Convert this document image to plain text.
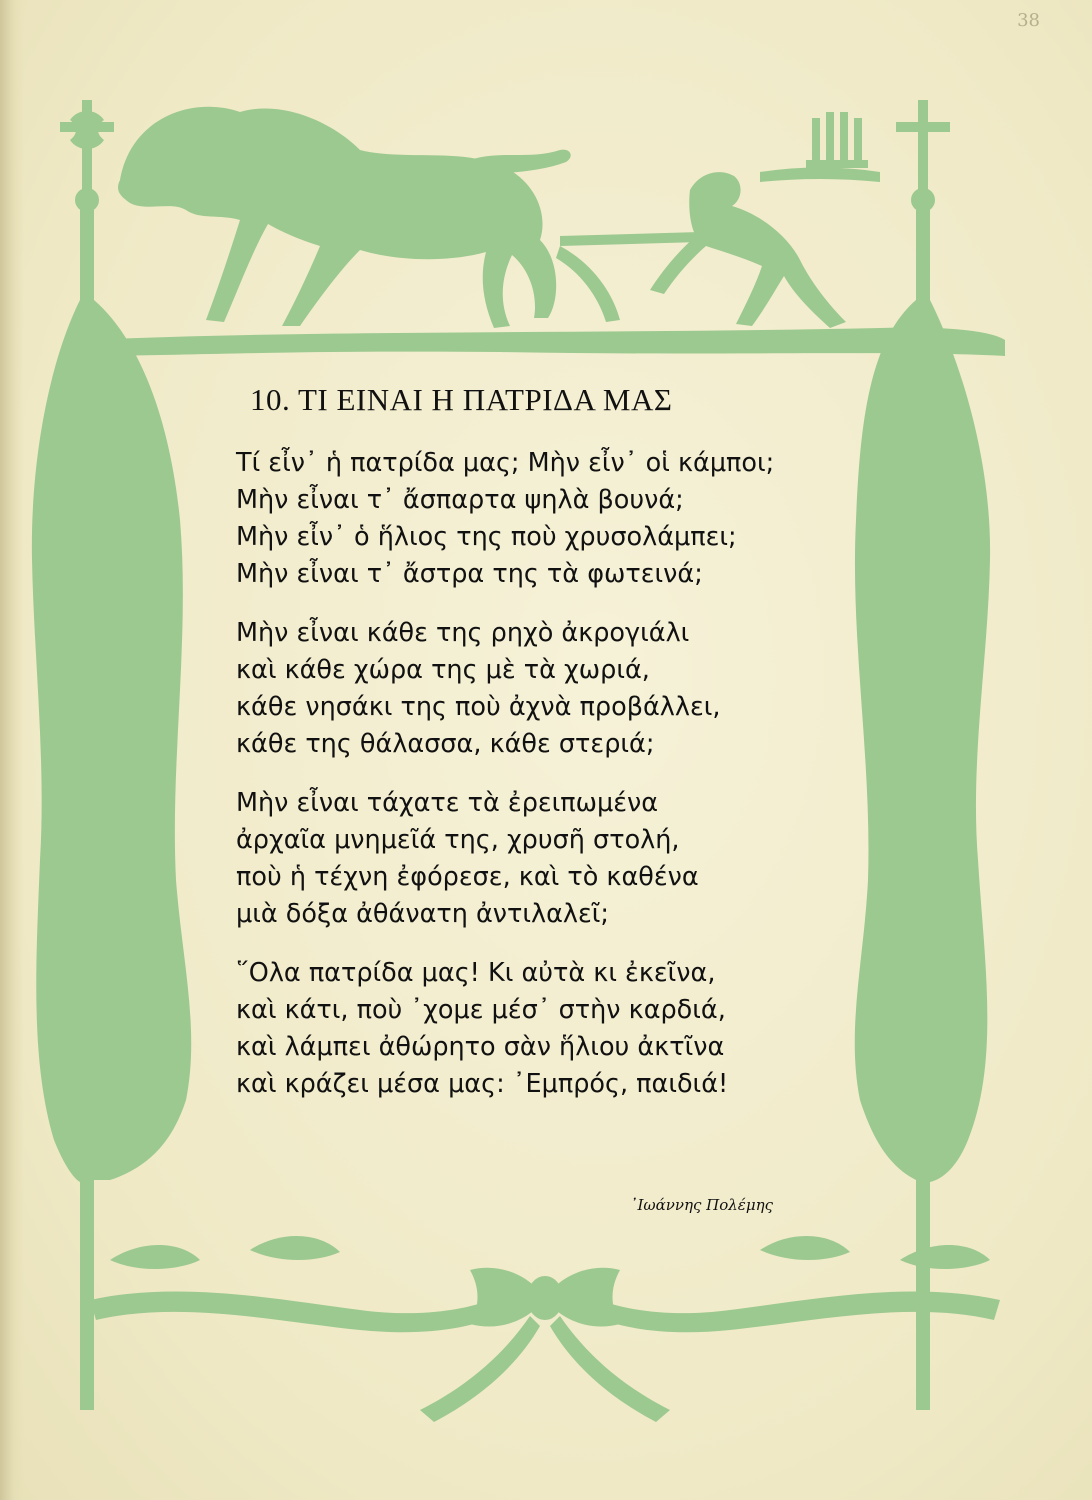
38
10. ΤΙ ΕΙΝΑΙ Η ΠΑΤΡΙΔΑ ΜΑΣ
Τί εἶν᾽ ἡ πατρίδα μας; Μὴν εἶν᾽ οἱ κάμποι;
Μὴν εἶναι τ᾽ ἄσπαρτα ψηλὰ βουνά;
Μὴν εἶν᾽ ὁ ἥλιος της ποὺ χρυσολάμπει;
Μὴν εἶναι τ᾽ ἄστρα της τὰ φωτεινά;
Μὴν εἶναι κάθε της ρηχὸ ἀκρογιάλι
καὶ κάθε χώρα της μὲ τὰ χωριά,
κάθε νησάκι της ποὺ ἀχνὰ προβάλλει,
κάθε της θάλασσα, κάθε στεριά;
Μὴν εἶναι τάχατε τὰ ἐρειπωμένα
ἀρχαῖα μνημεῖά της, χρυσῆ στολή,
ποὺ ἡ τέχνη ἐφόρεσε, καὶ τὸ καθένα
μιὰ δόξα ἀθάνατη ἀντιλαλεῖ;
῞Ολα πατρίδα μας! Κι αὐτὰ κι ἐκεῖνα,
καὶ κάτι, ποὺ ᾽χομε μέσ᾽ στὴν καρδιά,
καὶ λάμπει ἀθώρητο σὰν ἥλιου ἀκτῖνα
καὶ κράζει μέσα μας: ᾽Εμπρός, παιδιά!
᾽Ιωάννης Πολέμης
